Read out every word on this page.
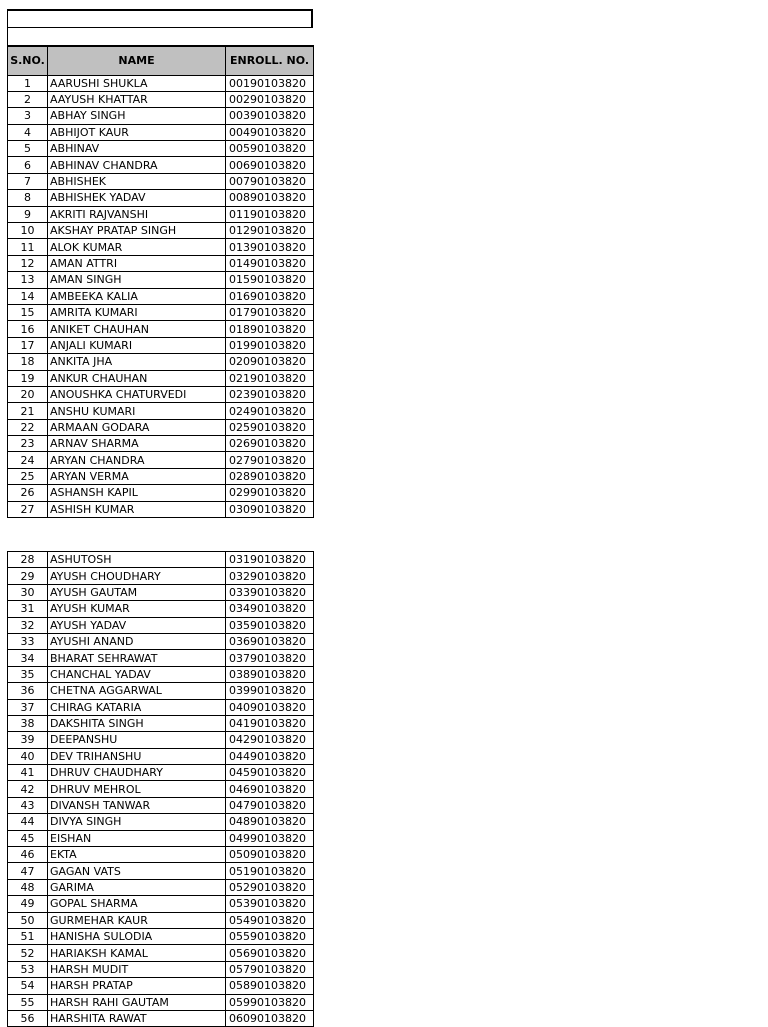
S.NO.	NAME	ENROLL. NO.
1	AARUSHI SHUKLA	00190103820
2	AAYUSH KHATTAR	00290103820
3	ABHAY SINGH	00390103820
4	ABHIJOT KAUR	00490103820
5	ABHINAV	00590103820
6	ABHINAV CHANDRA	00690103820
7	ABHISHEK	00790103820
8	ABHISHEK YADAV	00890103820
9	AKRITI RAJVANSHI	01190103820
10	AKSHAY PRATAP SINGH	01290103820
11	ALOK KUMAR	01390103820
12	AMAN ATTRI	01490103820
13	AMAN SINGH	01590103820
14	AMBEEKA KALIA	01690103820
15	AMRITA KUMARI	01790103820
16	ANIKET CHAUHAN	01890103820
17	ANJALI KUMARI	01990103820
18	ANKITA JHA	02090103820
19	ANKUR CHAUHAN	02190103820
20	ANOUSHKA CHATURVEDI	02390103820
21	ANSHU KUMARI	02490103820
22	ARMAAN GODARA	02590103820
23	ARNAV SHARMA	02690103820
24	ARYAN CHANDRA	02790103820
25	ARYAN VERMA	02890103820
26	ASHANSH KAPIL	02990103820
27	ASHISH KUMAR	03090103820
28	ASHUTOSH	03190103820
29	AYUSH CHOUDHARY	03290103820
30	AYUSH GAUTAM	03390103820
31	AYUSH KUMAR	03490103820
32	AYUSH YADAV	03590103820
33	AYUSHI ANAND	03690103820
34	BHARAT SEHRAWAT	03790103820
35	CHANCHAL YADAV	03890103820
36	CHETNA AGGARWAL	03990103820
37	CHIRAG KATARIA	04090103820
38	DAKSHITA SINGH	04190103820
39	DEEPANSHU	04290103820
40	DEV TRIHANSHU	04490103820
41	DHRUV CHAUDHARY	04590103820
42	DHRUV MEHROL	04690103820
43	DIVANSH TANWAR	04790103820
44	DIVYA SINGH	04890103820
45	EISHAN	04990103820
46	EKTA	05090103820
47	GAGAN VATS	05190103820
48	GARIMA	05290103820
49	GOPAL SHARMA	05390103820
50	GURMEHAR KAUR	05490103820
51	HANISHA SULODIA	05590103820
52	HARIAKSH KAMAL	05690103820
53	HARSH MUDIT	05790103820
54	HARSH PRATAP	05890103820
55	HARSH RAHI GAUTAM	05990103820
56	HARSHITA RAWAT	06090103820
